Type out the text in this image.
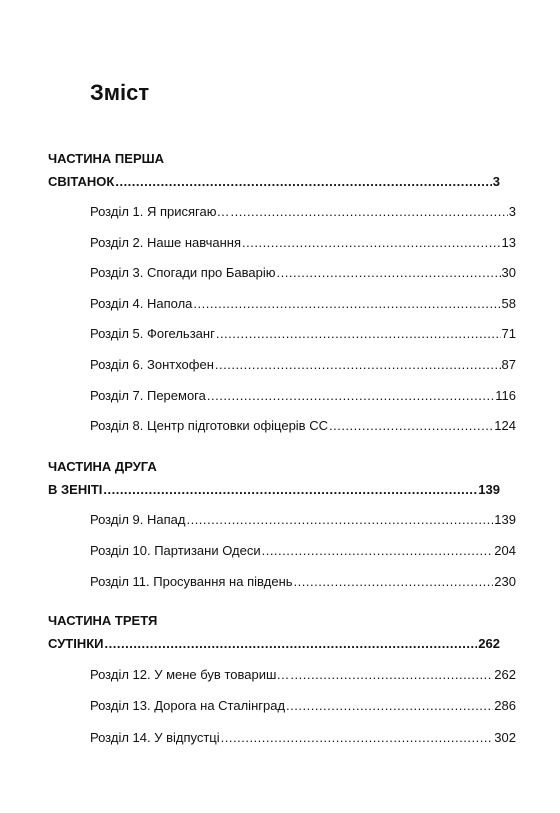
Зміст
ЧАСТИНА ПЕРША
СВІТАНОК .....	3
Розділ 1. Я присягаю… .....	3
Розділ 2. Наше навчання .....	13
Розділ 3. Спогади про Баварію .....	30
Розділ 4. Напола .....	58
Розділ 5. Фогельзанг .....	71
Розділ 6. Зонтхофен .....	87
Розділ 7. Перемога .....	116
Розділ 8. Центр підготовки офіцерів СС .....	124
ЧАСТИНА ДРУГА
В ЗЕНІТІ .....	139
Розділ 9. Напад .....	139
Розділ 10. Партизани Одеси .....	204
Розділ 11. Просування на південь .....	230
ЧАСТИНА ТРЕТЯ
СУТІНКИ .....	262
Розділ 12. У мене був товариш… .....	262
Розділ 13. Дорога на Сталінград .....	286
Розділ 14. У відпустці .....	302
